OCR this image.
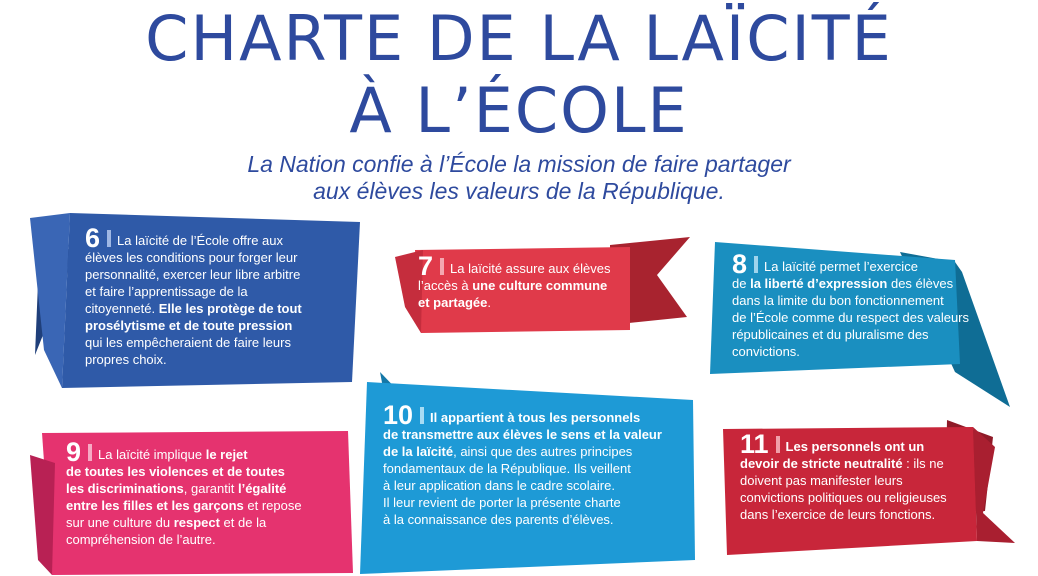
CHARTE DE LA LAÏCITÉ
À L’ÉCOLE
La Nation confie à l’École la mission de faire partager
aux élèves les valeurs de la République.
6 La laïcité de l’École offre aux
élèves les conditions pour forger leur
personnalité, exercer leur libre arbitre
et faire l’apprentissage de la
citoyenneté. Elle les protège de tout
prosélytisme et de toute pression
qui les empêcheraient de faire leurs
propres choix.
7 La laïcité assure aux élèves
l’accès à une culture commune
et partagée.
8 La laïcité permet l’exercice
de la liberté d’expression des élèves
dans la limite du bon fonctionnement
de l’École comme du respect des valeurs
républicaines et du pluralisme des
convictions.
9 La laïcité implique le rejet
de toutes les violences et de toutes
les discriminations, garantit l’égalité
entre les filles et les garçons et repose
sur une culture du respect et de la
compréhension de l’autre.
10 Il appartient à tous les personnels
de transmettre aux élèves le sens et la valeur
de la laïcité, ainsi que des autres principes
fondamentaux de la République. Ils veillent
à leur application dans le cadre scolaire.
Il leur revient de porter la présente charte
à la connaissance des parents d’élèves.
11 Les personnels ont un
devoir de stricte neutralité : ils ne
doivent pas manifester leurs
convictions politiques ou religieuses
dans l’exercice de leurs fonctions.
